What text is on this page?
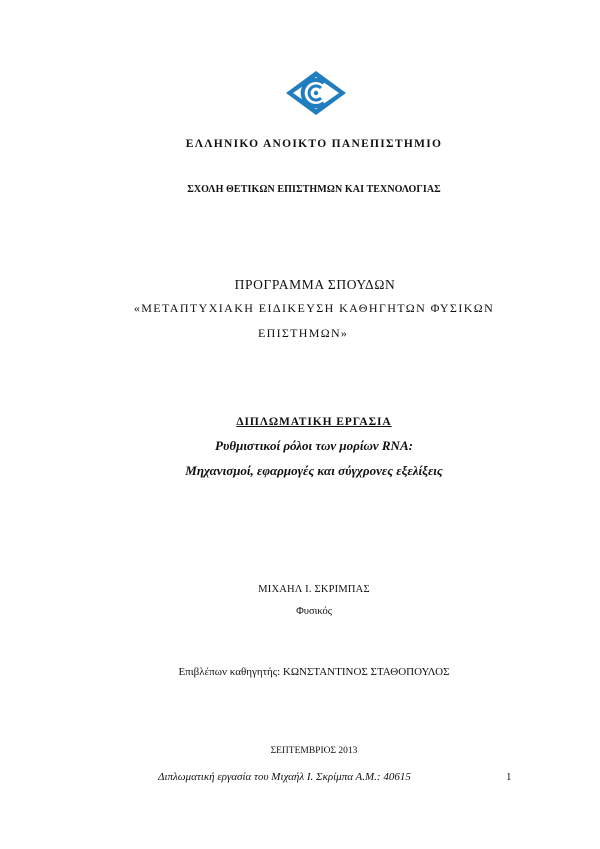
ΕΛΛΗΝΙΚΟ ΑΝΟΙΚΤΟ ΠΑΝΕΠΙΣΤΗΜΙΟ
ΣΧΟΛΗ ΘΕΤΙΚΩΝ ΕΠΙΣΤΗΜΩΝ ΚΑΙ ΤΕΧΝΟΛΟΓΙΑΣ
ΠΡΟΓΡΑΜΜΑ ΣΠΟΥΔΩΝ
«ΜΕΤΑΠΤΥΧΙΑΚΗ ΕΙΔΙΚΕΥΣΗ ΚΑΘΗΓΗΤΩΝ ΦΥΣΙΚΩΝ
ΕΠΙΣΤΗΜΩΝ»
ΔΙΠΛΩΜΑΤΙΚΗ ΕΡΓΑΣΙΑ
Ρυθμιστικοί ρόλοι των μορίων RNA:
Μηχανισμοί, εφαρμογές και σύγχρονες εξελίξεις
ΜΙΧΑΗΛ Ι. ΣΚΡΙΜΠΑΣ
Φυσικός
Επιβλέπων καθηγητής: ΚΩΝΣΤΑΝΤΙΝΟΣ ΣΤΑΘΟΠΟΥΛΟΣ
ΣΕΠΤΕΜΒΡΙΟΣ 2013
Διπλωματική εργασία του Μιχαήλ Ι. Σκρίμπα Α.Μ.: 40615	1
